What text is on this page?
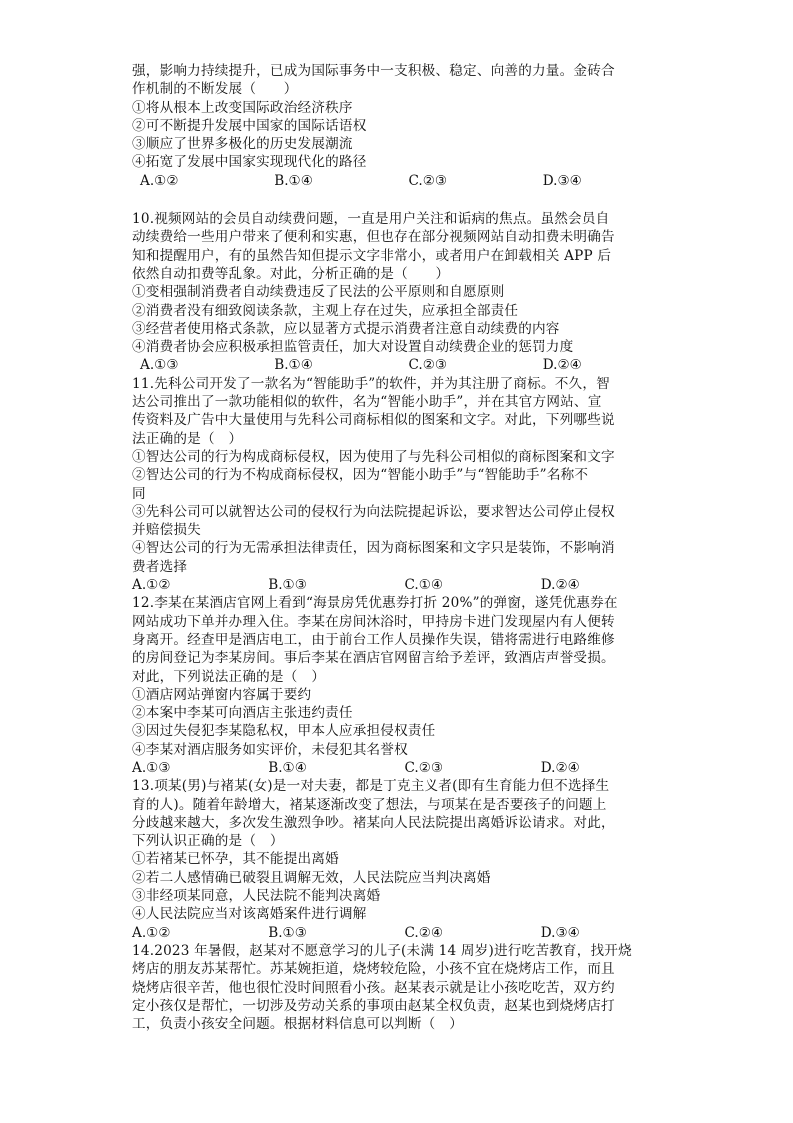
强，影响力持续提升，已成为国际事务中一支积极、稳定、向善的力量。金砖合
作机制的不断发展（　　）
①将从根本上改变国际政治经济秩序
②可不断提升发展中国家的国际话语权
③顺应了世界多极化的历史发展潮流
④拓宽了发展中国家实现现代化的路径
A.①②	B.①④	C.②③	D.③④
10.视频网站的会员自动续费问题，一直是用户关注和诟病的焦点。虽然会员自
动续费给一些用户带来了便利和实惠，但也存在部分视频网站自动扣费未明确告
知和提醒用户，有的虽然告知但提示文字非常小，或者用户在卸载相关 APP 后
依然自动扣费等乱象。对此，分析正确的是（　　）
①变相强制消费者自动续费违反了民法的公平原则和自愿原则
②消费者没有细致阅读条款，主观上存在过失，应承担全部责任
③经营者使用格式条款，应以显著方式提示消费者注意自动续费的内容
④消费者协会应积极承担监管责任，加大对设置自动续费企业的惩罚力度
A.①③	B.①④	C.②③	D.②④
11.先科公司开发了一款名为“智能助手”的软件，并为其注册了商标。不久，智
达公司推出了一款功能相似的软件，名为“智能小助手”，并在其官方网站、宣
传资料及广告中大量使用与先科公司商标相似的图案和文字。对此，下列哪些说
法正确的是（　）
①智达公司的行为构成商标侵权，因为使用了与先科公司相似的商标图案和文字
②智达公司的行为不构成商标侵权，因为“智能小助手”与“智能助手”名称不
同
③先科公司可以就智达公司的侵权行为向法院提起诉讼，要求智达公司停止侵权
并赔偿损失
④智达公司的行为无需承担法律责任，因为商标图案和文字只是装饰，不影响消
费者选择
A.①②	B.①③	C.①④	D.②④
12.李某在某酒店官网上看到“海景房凭优惠券打折 20%”的弹窗，遂凭优惠券在
网站成功下单并办理入住。李某在房间沐浴时，甲持房卡进门发现屋内有人便转
身离开。经查甲是酒店电工，由于前台工作人员操作失误，错将需进行电路维修
的房间登记为李某房间。事后李某在酒店官网留言给予差评，致酒店声誉受损。
对此，下列说法正确的是（　）
①酒店网站弹窗内容属于要约
②本案中李某可向酒店主张违约责任
③因过失侵犯李某隐私权，甲本人应承担侵权责任
④李某对酒店服务如实评价，未侵犯其名誉权
A.①③	B.①④	C.②③	D.②④
13.项某(男)与褚某(女)是一对夫妻，都是丁克主义者(即有生育能力但不选择生
育的人)。随着年龄增大，褚某逐渐改变了想法，与项某在是否要孩子的问题上
分歧越来越大，多次发生激烈争吵。褚某向人民法院提出离婚诉讼请求。对此，
下列认识正确的是（　）
①若褚某已怀孕，其不能提出离婚
②若二人感情确已破裂且调解无效，人民法院应当判决离婚
③非经项某同意，人民法院不能判决离婚
④人民法院应当对该离婚案件进行调解
A.①②	B.①③	C.②④	D.③④
14.2023 年暑假，赵某对不愿意学习的儿子(未满 14 周岁)进行吃苦教育，找开烧
烤店的朋友苏某帮忙。苏某婉拒道，烧烤较危险，小孩不宜在烧烤店工作，而且
烧烤店很辛苦，他也很忙没时间照看小孩。赵某表示就是让小孩吃吃苦，双方约
定小孩仅是帮忙，一切涉及劳动关系的事项由赵某全权负责，赵某也到烧烤店打
工，负责小孩安全问题。根据材料信息可以判断（　）
